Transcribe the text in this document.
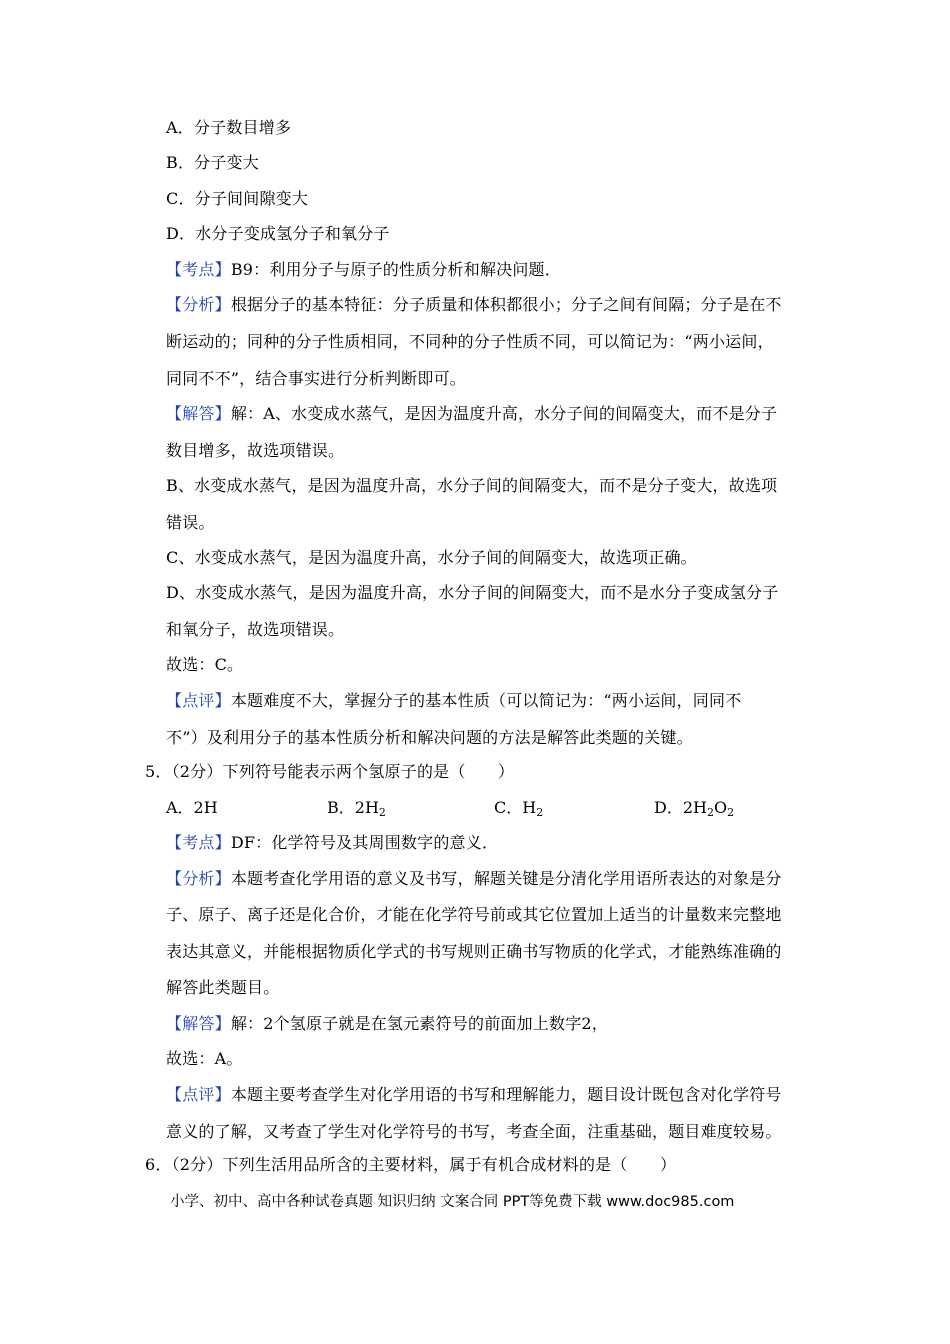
A．分子数目增多
B．分子变大
C．分子间间隙变大
D．水分子变成氢分子和氧分子
【考点】B9：利用分子与原子的性质分析和解决问题．
【分析】根据分子的基本特征：分子质量和体积都很小；分子之间有间隔；分子是在不
断运动的；同种的分子性质相同，不同种的分子性质不同，可以简记为：“两小运间，
同同不不”，结合事实进行分析判断即可。
【解答】解：A、水变成水蒸气，是因为温度升高，水分子间的间隔变大，而不是分子
数目增多，故选项错误。
B、水变成水蒸气，是因为温度升高，水分子间的间隔变大，而不是分子变大，故选项
错误。
C、水变成水蒸气，是因为温度升高，水分子间的间隔变大，故选项正确。
D、水变成水蒸气，是因为温度升高，水分子间的间隔变大，而不是水分子变成氢分子
和氧分子，故选项错误。
故选：C。
【点评】本题难度不大，掌握分子的基本性质（可以简记为：“两小运间，同同不
不”）及利用分子的基本性质分析和解决问题的方法是解答此类题的关键。
5．（2分）下列符号能表示两个氢原子的是（　　）
A．2H	B．$2H_2$	C．$H_2$	D．$2H_2O_2$
【考点】DF：化学符号及其周围数字的意义．
【分析】本题考查化学用语的意义及书写，解题关键是分清化学用语所表达的对象是分
子、原子、离子还是化合价，才能在化学符号前或其它位置加上适当的计量数来完整地
表达其意义，并能根据物质化学式的书写规则正确书写物质的化学式，才能熟练准确的
解答此类题目。
【解答】解：2个氢原子就是在氢元素符号的前面加上数字2，
故选：A。
【点评】本题主要考查学生对化学用语的书写和理解能力，题目设计既包含对化学符号
意义的了解，又考查了学生对化学符号的书写，考查全面，注重基础，题目难度较易。
6．（2分）下列生活用品所含的主要材料，属于有机合成材料的是（　　）
小学、初中、高中各种试卷真题 知识归纳 文案合同 PPT等免费下载 www.doc985.com
